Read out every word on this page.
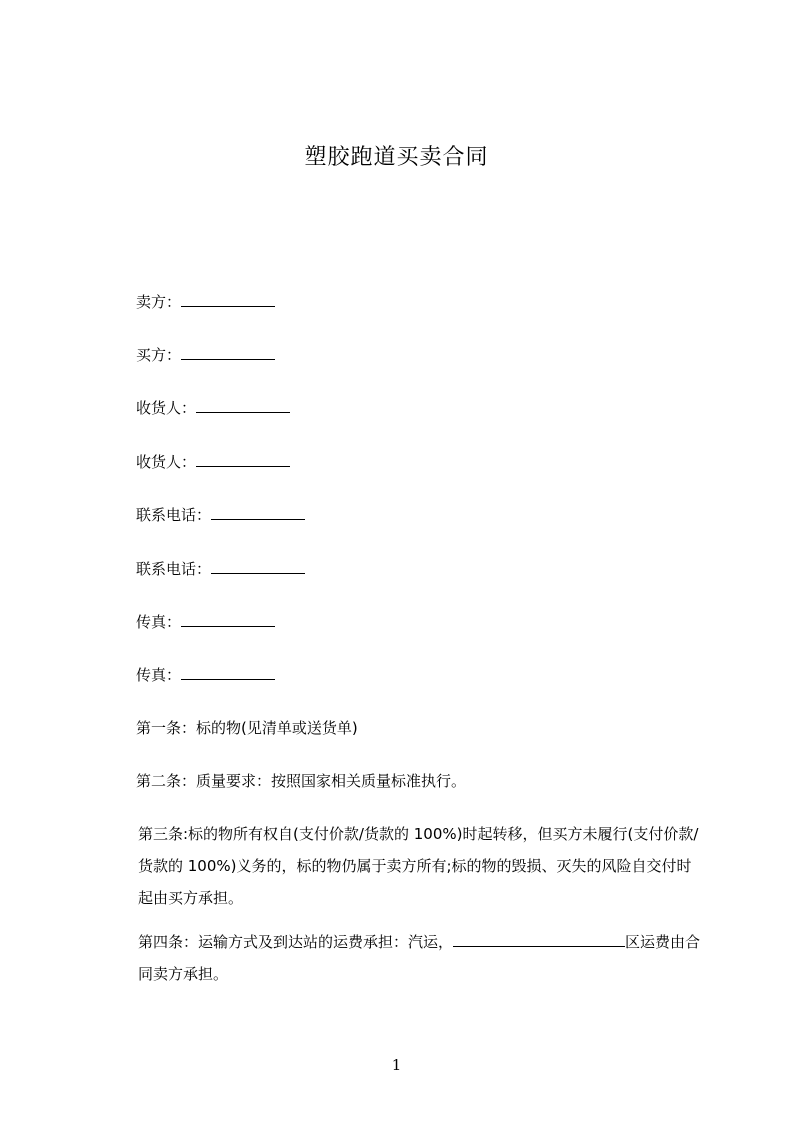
塑胶跑道买卖合同
卖方：
买方：
收货人：
收货人：
联系电话：
联系电话：
传真：
传真：
第一条：标的物(见清单或送货单)
第二条：质量要求：按照国家相关质量标准执行。
第三条:标的物所有权自(支付价款/货款的 100%)时起转移，但买方未履行(支付价款/货款的 100%)义务的，标的物仍属于卖方所有;标的物的毁损、灭失的风险自交付时起由买方承担。
第四条：运输方式及到达站的运费承担：汽运，	区运费由合同卖方承担。
1
